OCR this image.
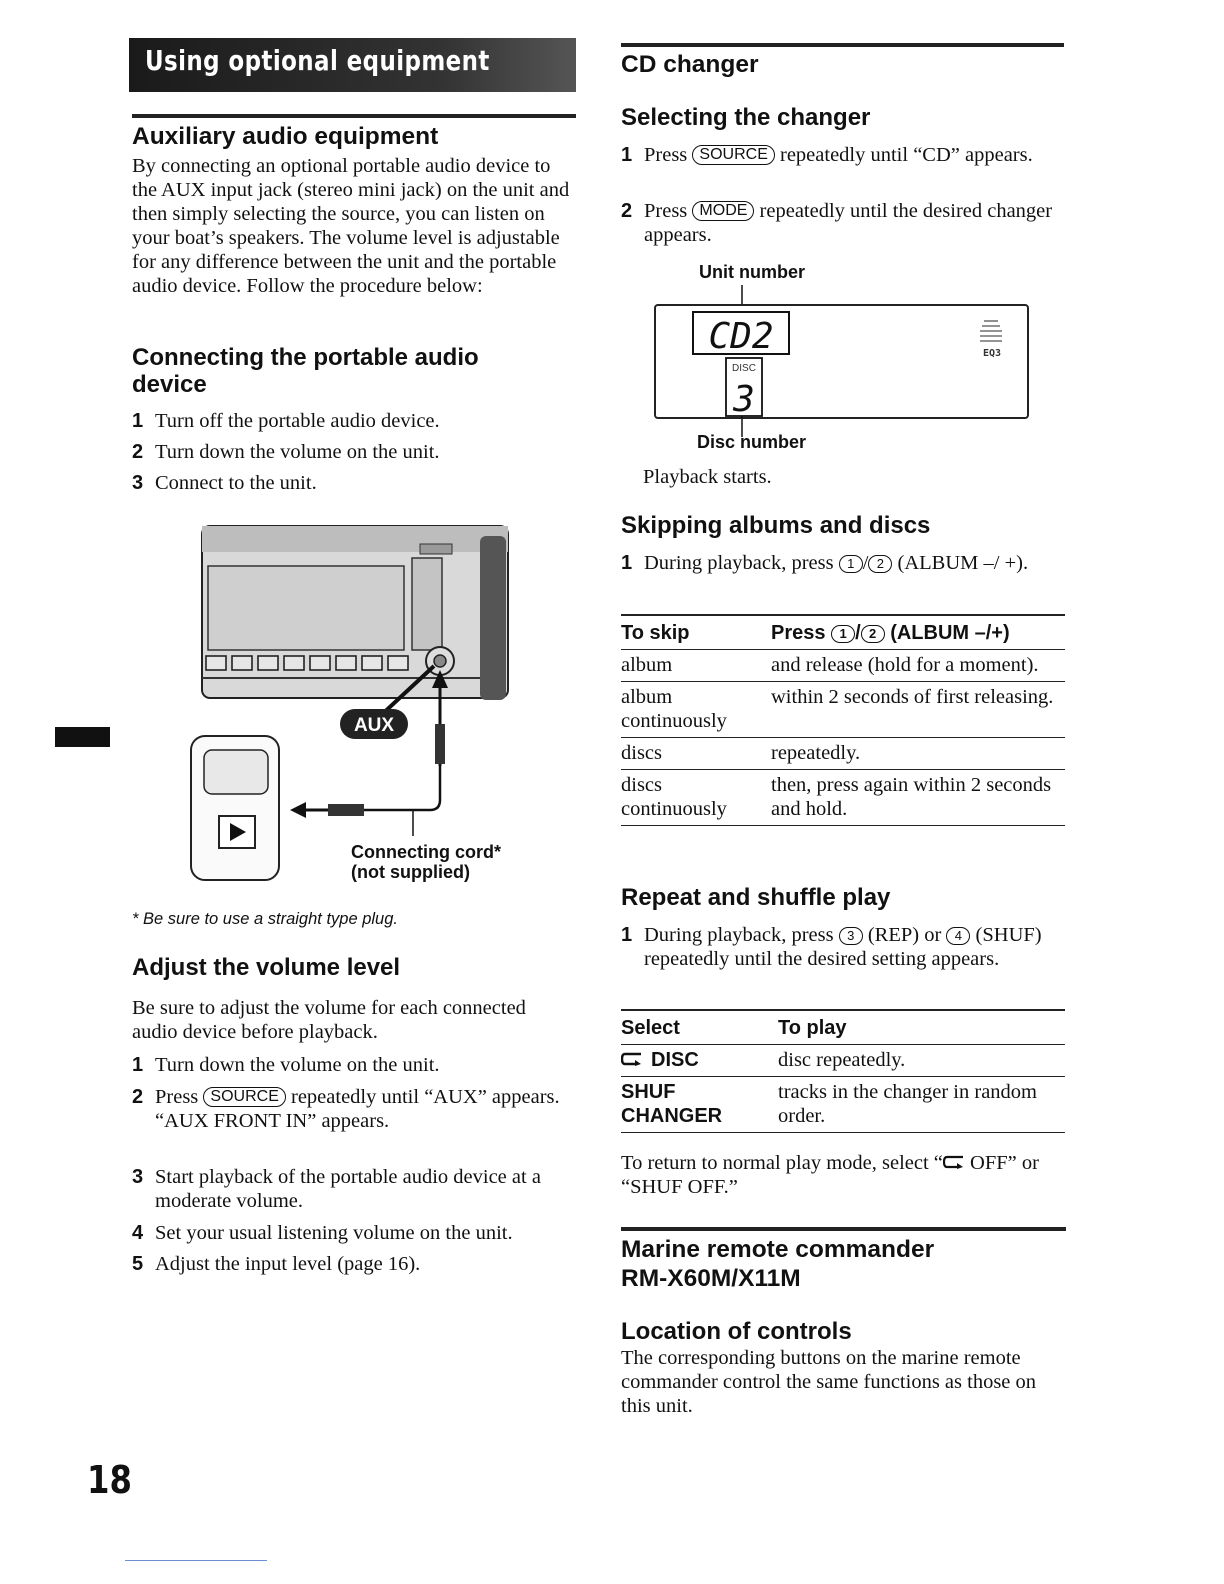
Using optional equipment
Auxiliary audio equipment
By connecting an optional portable audio device to the AUX input jack (stereo mini jack) on the unit and then simply selecting the source, you can listen on your boat’s speakers. The volume level is adjustable for any difference between the unit and the portable audio device. Follow the procedure below:
Connecting the portable audio device
1 Turn off the portable audio device.
2 Turn down the volume on the unit.
3 Connect to the unit.
AUX
Connecting cord*
(not supplied)
* Be sure to use a straight type plug.
Adjust the volume level
Be sure to adjust the volume for each connected audio device before playback.
1 Turn down the volume on the unit.
2 Press SOURCE repeatedly until “AUX” appears.
“AUX FRONT IN” appears.
3 Start playback of the portable audio device at a moderate volume.
4 Set your usual listening volume on the unit.
5 Adjust the input level (page 16).
CD changer
Selecting the changer
1 Press SOURCE repeatedly until “CD” appears.
2 Press MODE repeatedly until the desired changer appears.
Unit number
CD2
DISC
3
EQ3
Disc number
Playback starts.
Skipping albums and discs
1 During playback, press 1 / 2 (ALBUM –/ +).
To skip	Press 1 / 2 (ALBUM –/+)
album	and release (hold for a moment).
album continuously	within 2 seconds of first releasing.
discs	repeatedly.
discs continuously	then, press again within 2 seconds and hold.
Repeat and shuffle play
1 During playback, press 3 (REP) or 4 (SHUF) repeatedly until the desired setting appears.
Select	To play
DISC	disc repeatedly.
SHUF CHANGER	tracks in the changer in random order.
To return to normal play mode, select “ OFF” or “SHUF OFF.”
Marine remote commander
RM-X60M/X11M
Location of controls
The corresponding buttons on the marine remote commander control the same functions as those on this unit.
18
